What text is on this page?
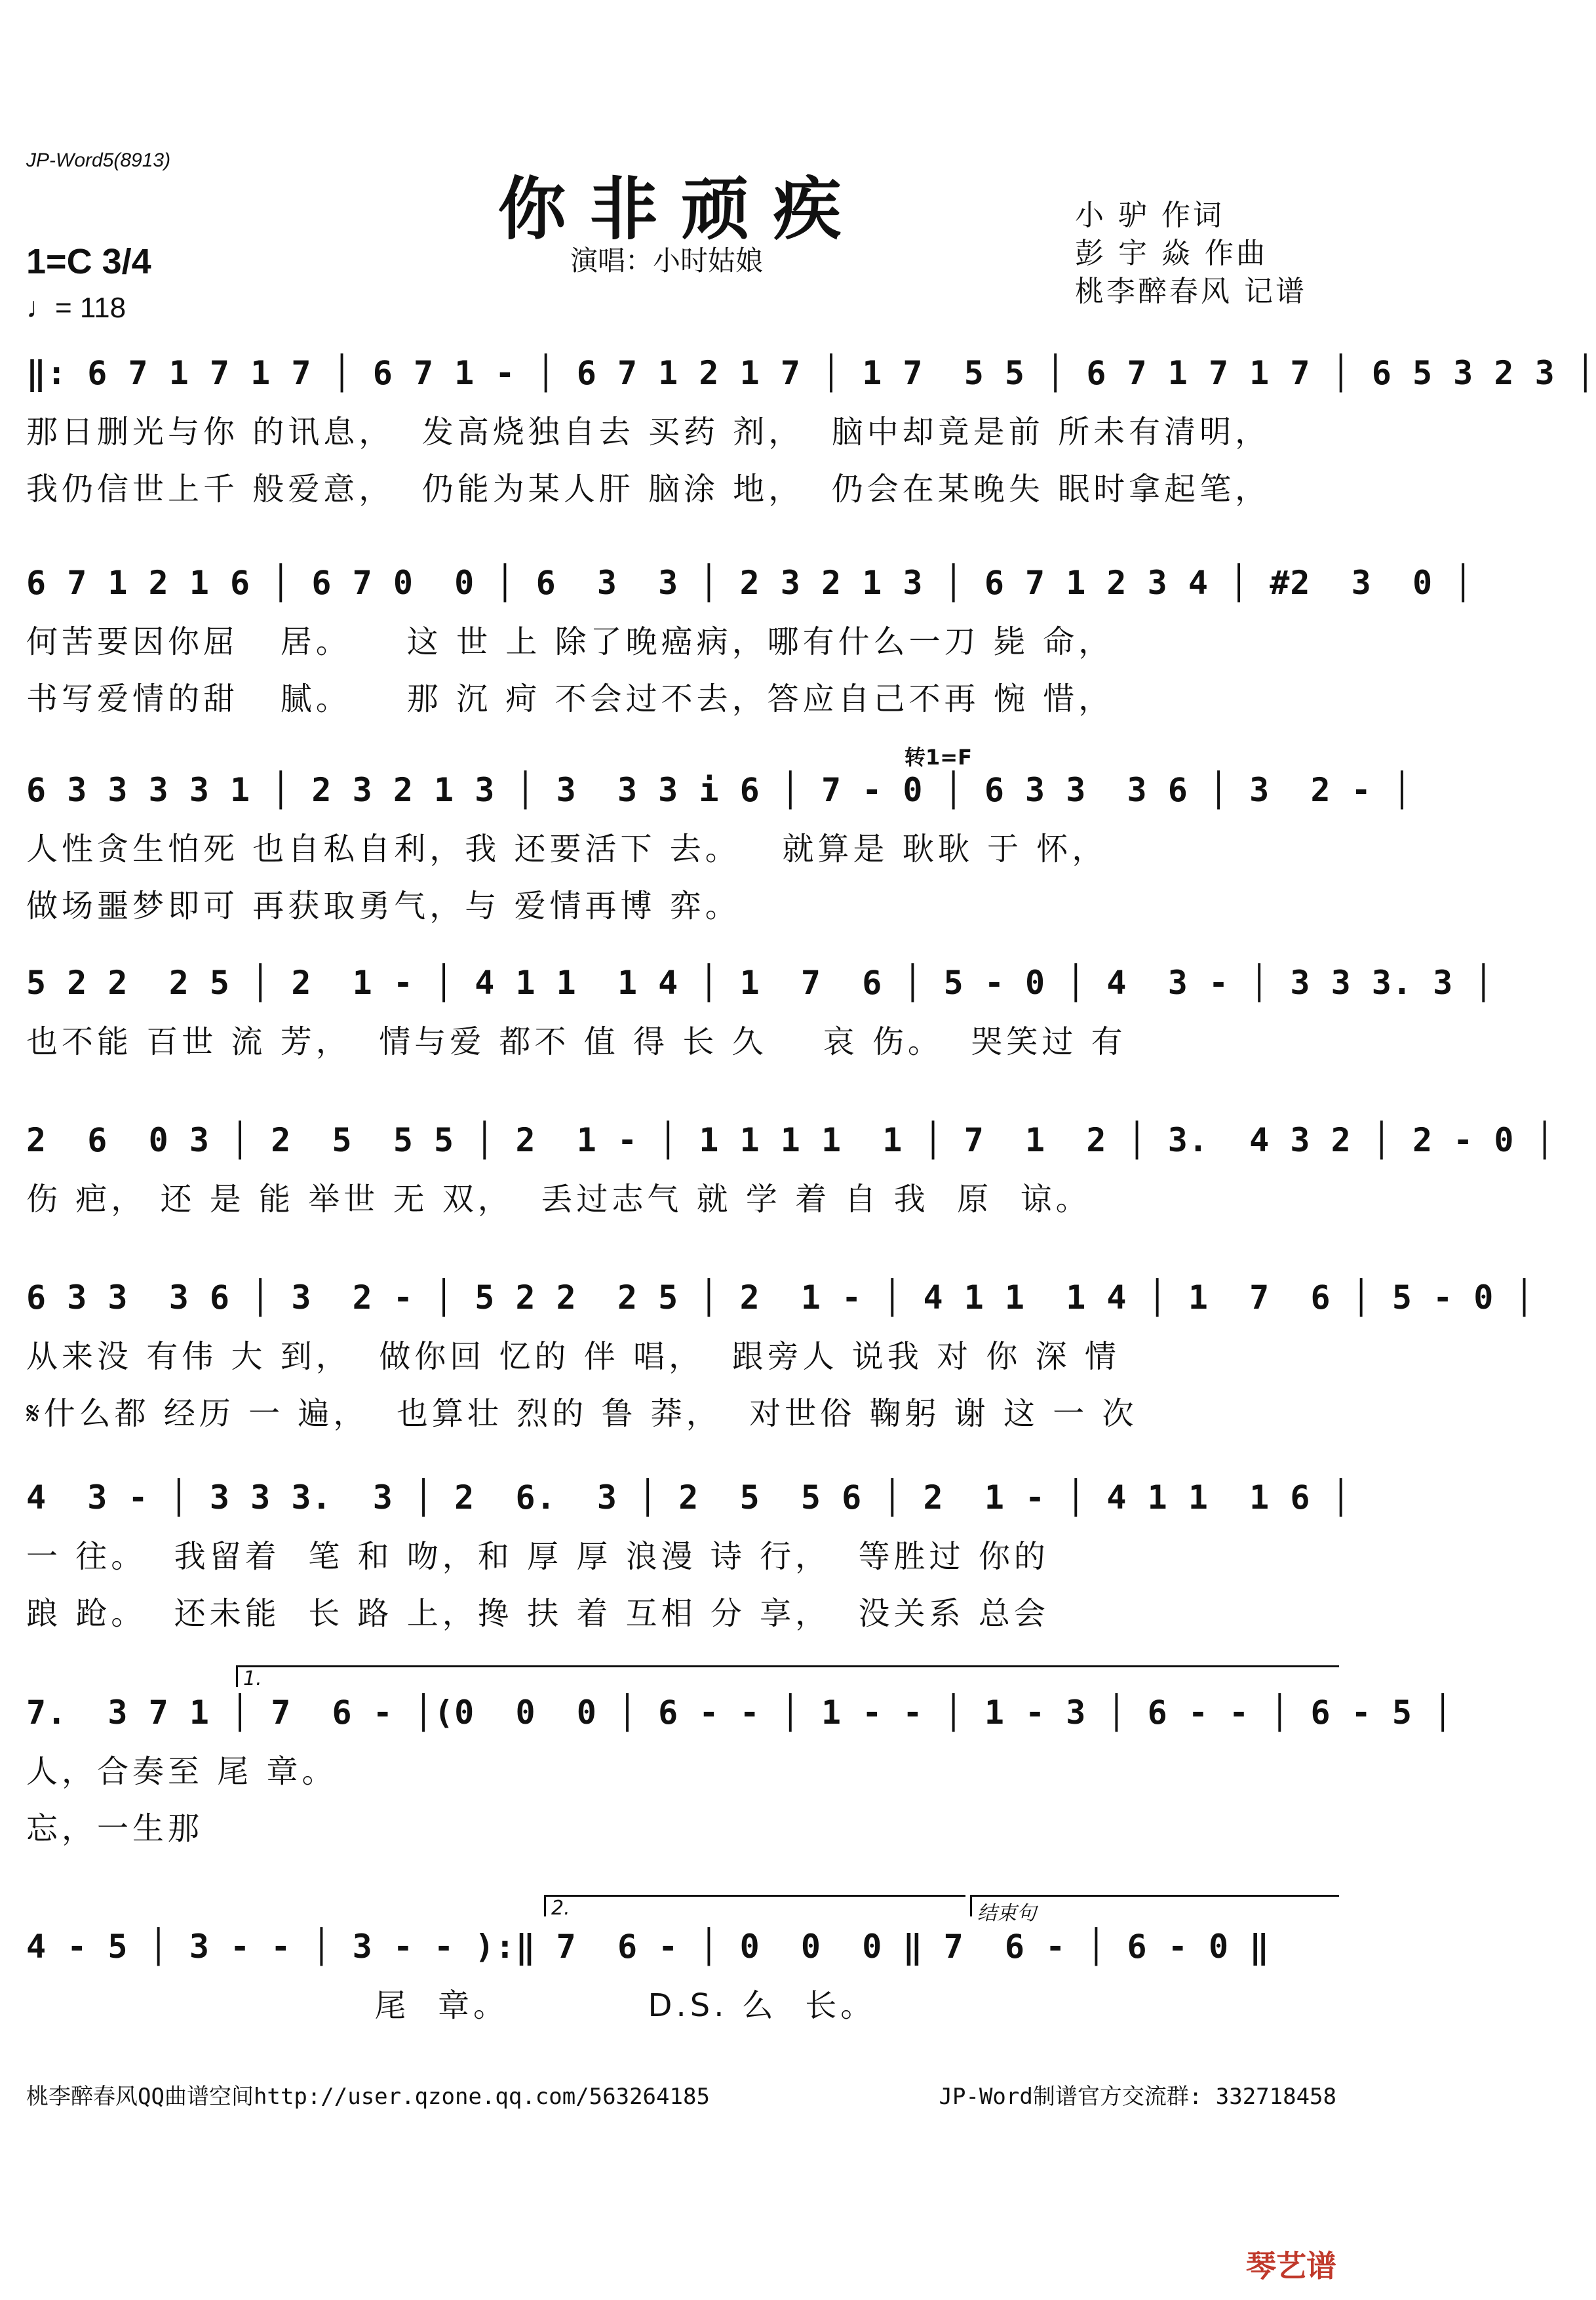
JP-Word5(8913)
你非顽疾
演唱：小时姑娘
小 驴 作词
彭 宇 焱 作曲
桃李醉春风 记谱
1=C 3/4
♩= 118
‖: 6 7 1 7 1 7 │ 6 7 1 - │ 6 7 1 2 1 7 │ 1 7  5 5 │ 6 7 1 7 1 7 │ 6 5 3 2 3 │
那日删光与你 的讯息，  发高烧独自去 买药 剂，  脑中却竟是前 所未有清明，
我仍信世上千 般爱意，  仍能为某人肝 脑涂 地，  仍会在某晚失 眠时拿起笔，
6 7 1 2 1 6 │ 6 7 0  0 │ 6  3  3 │ 2 3 2 1 3 │ 6 7 1 2 3 4 │ #2  3  0 │
何苦要因你屈   居。    这 世 上 除了晚癌病，哪有什么一刀 毙 命，
书写爱情的甜   腻。    那 沉 疴 不会过不去，答应自己不再 惋 惜，
转1=F
6 3 3 3 3 1 │ 2 3 2 1 3 │ 3  3 3 i 6 │ 7 - 0 │ 6 3 3  3 6 │ 3  2 - │
人性贪生怕死 也自私自利，我 还要活下 去。   就算是 耿耿 于 怀，
做场噩梦即可 再获取勇气，与 爱情再博 弈。
5 2 2  2 5 │ 2  1 - │ 4 1 1  1 4 │ 1  7  6 │ 5 - 0 │ 4  3 - │ 3 3 3. 3 │
也不能 百世 流 芳，  情与爱 都不 值 得 长 久    哀 伤。  哭笑过 有
2  6  0 3 │ 2  5  5 5 │ 2  1 - │ 1 1 1 1  1 │ 7  1  2 │ 3.  4 3 2 │ 2 - 0 │
伤 疤， 还 是 能 举世 无 双，  丢过志气 就 学 着 自 我  原  谅。
6 3 3  3 6 │ 3  2 - │ 5 2 2  2 5 │ 2  1 - │ 4 1 1  1 4 │ 1  7  6 │ 5 - 0 │
从来没 有伟 大 到，  做你回 忆的 伴 唱，  跟旁人 说我 对 你 深 情
𝄋什么都 经历 一 遍，  也算壮 烈的 鲁 莽，  对世俗 鞠躬 谢 这 一 次
4  3 - │ 3 3 3.  3 │ 2  6.  3 │ 2  5  5 6 │ 2  1 - │ 4 1 1  1 6 │
一 往。  我留着  笔 和 吻，和 厚 厚 浪漫 诗 行，  等胜过 你的
踉 跄。  还未能  长 路 上，搀 扶 着 互相 分 享，  没关系 总会
1.
7.  3 7 1 │ 7  6 - │(0  0  0 │ 6 - - │ 1 - - │ 1 - 3 │ 6 - - │ 6 - 5 │
人，合奏至 尾 章。
忘，一生那
2.	结束句
4 - 5 │ 3 - - │ 3 - - ):‖ 7  6 - │ 0  0  0 ‖ 7  6 - │ 6 - 0 ‖
尾  章。          D.S. 么  长。
桃李醉春风QQ曲谱空间http://user.qzone.qq.com/563264185	JP-Word制谱官方交流群: 332718458
琴艺谱
